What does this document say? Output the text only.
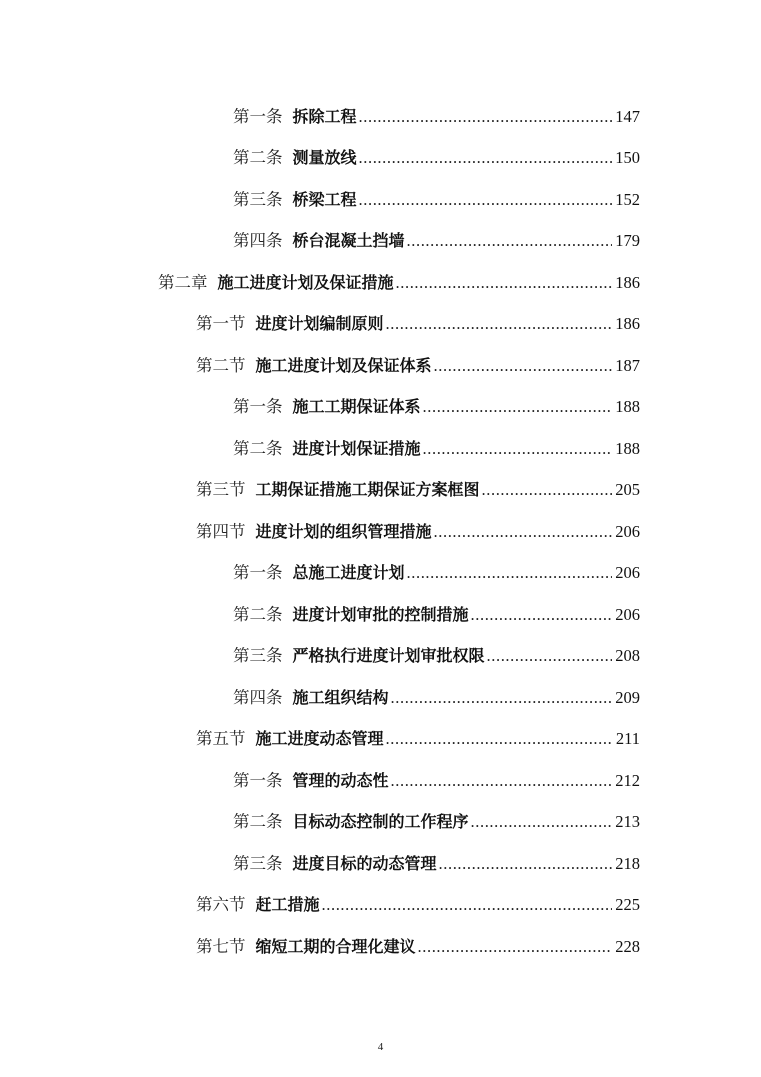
第一条 拆除工程 .....	147
第二条 测量放线 .....	150
第三条 桥梁工程 .....	152
第四条 桥台混凝土挡墙 .....	179
第二章 施工进度计划及保证措施 .....	186
第一节 进度计划编制原则 .....	186
第二节 施工进度计划及保证体系 .....	187
第一条 施工工期保证体系 .....	188
第二条 进度计划保证措施 .....	188
第三节 工期保证措施工期保证方案框图 .....	205
第四节 进度计划的组织管理措施 .....	206
第一条 总施工进度计划 .....	206
第二条 进度计划审批的控制措施 .....	206
第三条 严格执行进度计划审批权限 .....	208
第四条 施工组织结构 .....	209
第五节 施工进度动态管理 .....	211
第一条 管理的动态性 .....	212
第二条 目标动态控制的工作程序 .....	213
第三条 进度目标的动态管理 .....	218
第六节 赶工措施 .....	225
第七节 缩短工期的合理化建议 .....	228
4
